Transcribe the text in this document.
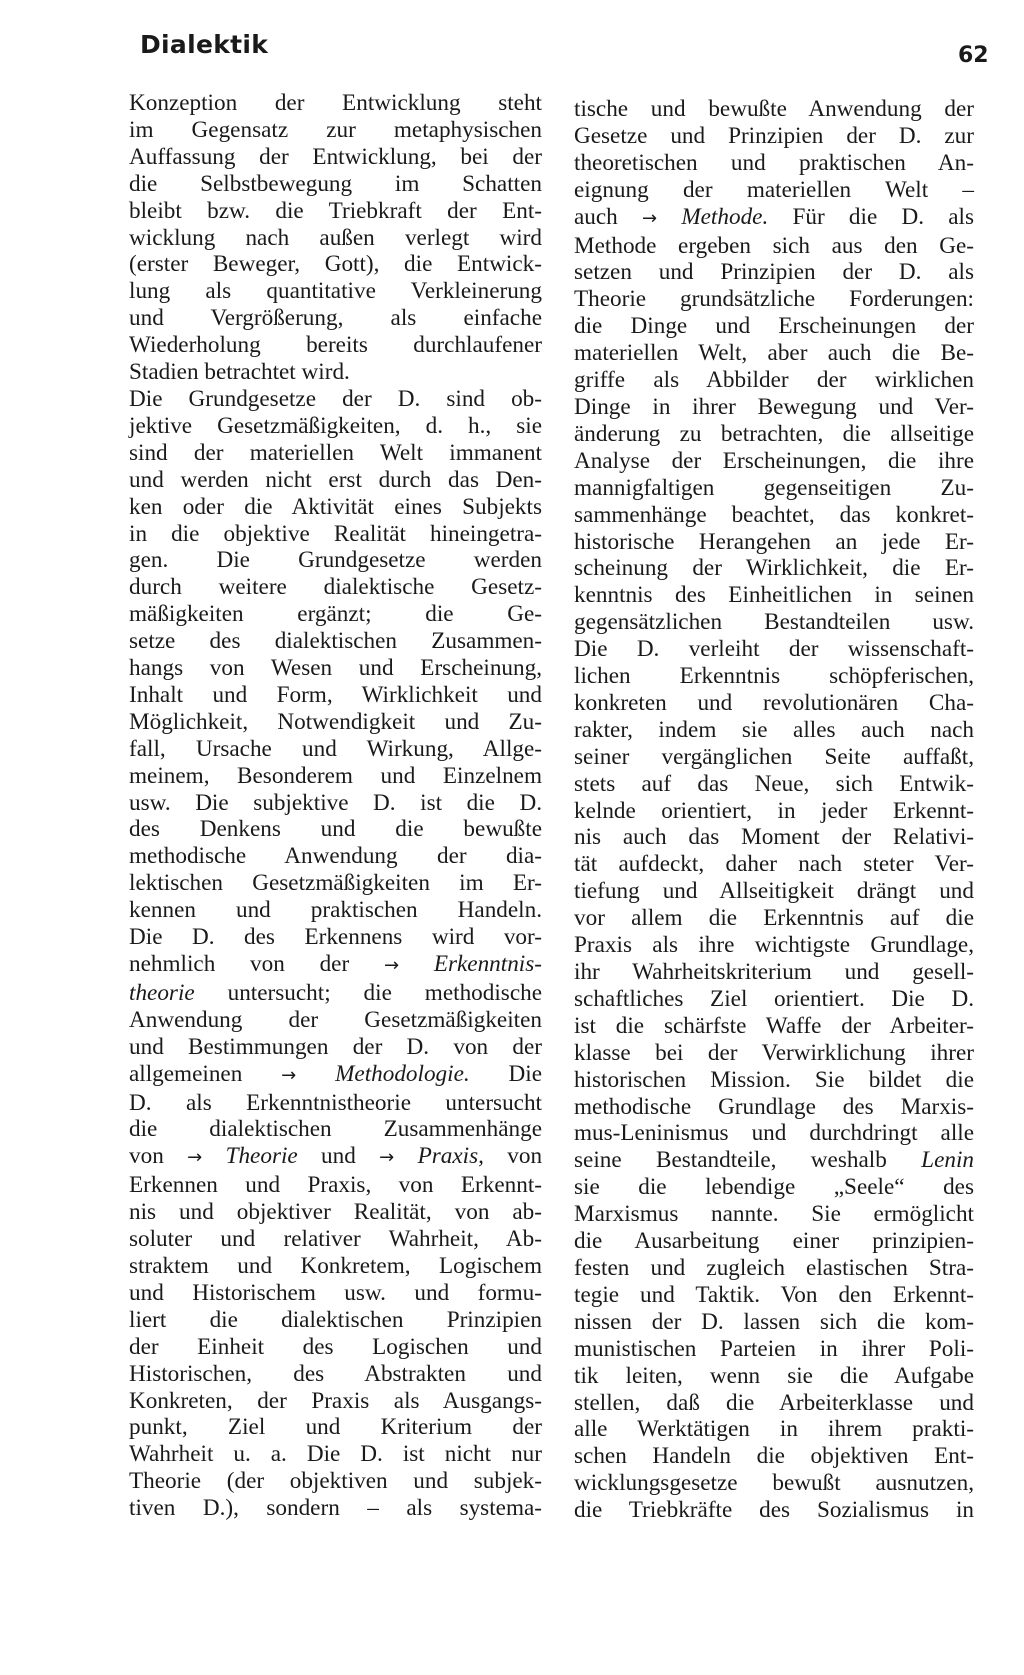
Dialektik	62
Konzeption der Entwicklung steht
im Gegensatz zur metaphysischen
Auffassung der Entwicklung, bei der
die Selbstbewegung im Schatten
bleibt bzw. die Triebkraft der Ent-
wicklung nach außen verlegt wird
(erster Beweger, Gott), die Entwick-
lung als quantitative Verkleinerung
und Vergrößerung, als einfache
Wiederholung bereits durchlaufener
Stadien betrachtet wird.
Die Grundgesetze der D. sind ob-
jektive Gesetzmäßigkeiten, d. h., sie
sind der materiellen Welt immanent
und werden nicht erst durch das Den-
ken oder die Aktivität eines Subjekts
in die objektive Realität hineingetra-
gen. Die Grundgesetze werden
durch weitere dialektische Gesetz-
mäßigkeiten ergänzt; die Ge-
setze des dialektischen Zusammen-
hangs von Wesen und Erscheinung,
Inhalt und Form, Wirklichkeit und
Möglichkeit, Notwendigkeit und Zu-
fall, Ursache und Wirkung, Allge-
meinem, Besonderem und Einzelnem
usw. Die subjektive D. ist die D.
des Denkens und die bewußte
methodische Anwendung der dia-
lektischen Gesetzmäßigkeiten im Er-
kennen und praktischen Handeln.
Die D. des Erkennens wird vor-
nehmlich von der → Erkenntnis-
theorie untersucht; die methodische
Anwendung der Gesetzmäßigkeiten
und Bestimmungen der D. von der
allgemeinen → Methodologie. Die
D. als Erkenntnistheorie untersucht
die dialektischen Zusammenhänge
von → Theorie und → Praxis, von
Erkennen und Praxis, von Erkennt-
nis und objektiver Realität, von ab-
soluter und relativer Wahrheit, Ab-
straktem und Konkretem, Logischem
und Historischem usw. und formu-
liert die dialektischen Prinzipien
der Einheit des Logischen und
Historischen, des Abstrakten und
Konkreten, der Praxis als Ausgangs-
punkt, Ziel und Kriterium der
Wahrheit u. a. Die D. ist nicht nur
Theorie (der objektiven und subjek-
tiven D.), sondern – als systema-
tische und bewußte Anwendung der
Gesetze und Prinzipien der D. zur
theoretischen und praktischen An-
eignung der materiellen Welt –
auch → Methode. Für die D. als
Methode ergeben sich aus den Ge-
setzen und Prinzipien der D. als
Theorie grundsätzliche Forderungen:
die Dinge und Erscheinungen der
materiellen Welt, aber auch die Be-
griffe als Abbilder der wirklichen
Dinge in ihrer Bewegung und Ver-
änderung zu betrachten, die allseitige
Analyse der Erscheinungen, die ihre
mannigfaltigen gegenseitigen Zu-
sammenhänge beachtet, das konkret-
historische Herangehen an jede Er-
scheinung der Wirklichkeit, die Er-
kenntnis des Einheitlichen in seinen
gegensätzlichen Bestandteilen usw.
Die D. verleiht der wissenschaft-
lichen Erkenntnis schöpferischen,
konkreten und revolutionären Cha-
rakter, indem sie alles auch nach
seiner vergänglichen Seite auffaßt,
stets auf das Neue, sich Entwik-
kelnde orientiert, in jeder Erkennt-
nis auch das Moment der Relativi-
tät aufdeckt, daher nach steter Ver-
tiefung und Allseitigkeit drängt und
vor allem die Erkenntnis auf die
Praxis als ihre wichtigste Grundlage,
ihr Wahrheitskriterium und gesell-
schaftliches Ziel orientiert. Die D.
ist die schärfste Waffe der Arbeiter-
klasse bei der Verwirklichung ihrer
historischen Mission. Sie bildet die
methodische Grundlage des Marxis-
mus-Leninismus und durchdringt alle
seine Bestandteile, weshalb Lenin
sie die lebendige „Seele“ des
Marxismus nannte. Sie ermöglicht
die Ausarbeitung einer prinzipien-
festen und zugleich elastischen Stra-
tegie und Taktik. Von den Erkennt-
nissen der D. lassen sich die kom-
munistischen Parteien in ihrer Poli-
tik leiten, wenn sie die Aufgabe
stellen, daß die Arbeiterklasse und
alle Werktätigen in ihrem prakti-
schen Handeln die objektiven Ent-
wicklungsgesetze bewußt ausnutzen,
die Triebkräfte des Sozialismus in
